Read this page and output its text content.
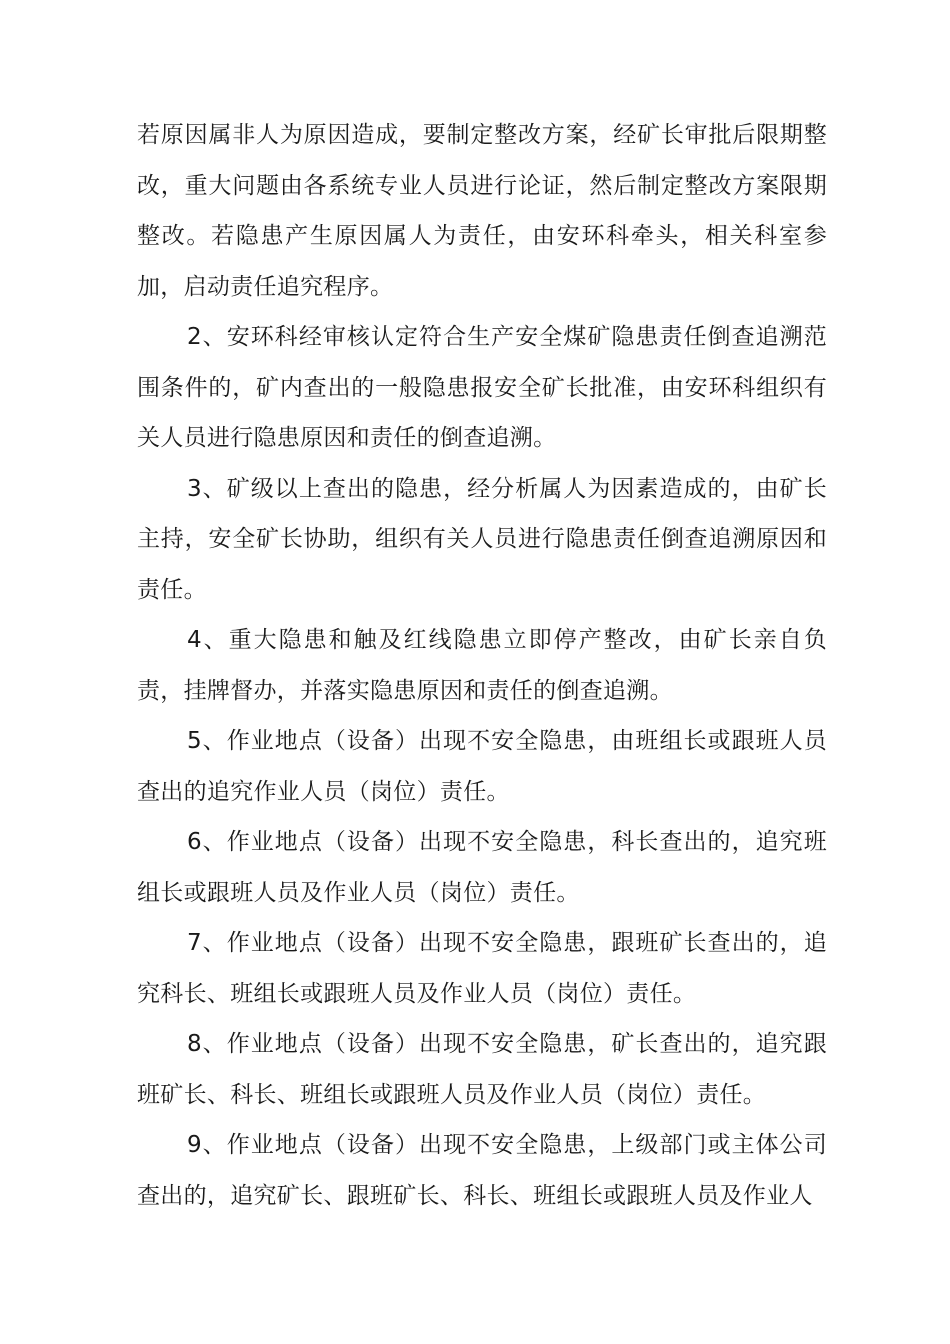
若原因属非人为原因造成，要制定整改方案，经矿长审批后限期整改，重大问题由各系统专业人员进行论证，然后制定整改方案限期整改。若隐患产生原因属人为责任，由安环科牵头，相关科室参加，启动责任追究程序。

2、安环科经审核认定符合生产安全煤矿隐患责任倒查追溯范围条件的，矿内查出的一般隐患报安全矿长批准，由安环科组织有关人员进行隐患原因和责任的倒查追溯。

3、矿级以上查出的隐患，经分析属人为因素造成的，由矿长主持，安全矿长协助，组织有关人员进行隐患责任倒查追溯原因和责任。

4、重大隐患和触及红线隐患立即停产整改，由矿长亲自负责，挂牌督办，并落实隐患原因和责任的倒查追溯。

5、作业地点（设备）出现不安全隐患，由班组长或跟班人员查出的追究作业人员（岗位）责任。

6、作业地点（设备）出现不安全隐患，科长查出的，追究班组长或跟班人员及作业人员（岗位）责任。

7、作业地点（设备）出现不安全隐患，跟班矿长查出的，追究科长、班组长或跟班人员及作业人员（岗位）责任。

8、作业地点（设备）出现不安全隐患，矿长查出的，追究跟班矿长、科长、班组长或跟班人员及作业人员（岗位）责任。

9、作业地点（设备）出现不安全隐患，上级部门或主体公司查出的，追究矿长、跟班矿长、科长、班组长或跟班人员及作业人
